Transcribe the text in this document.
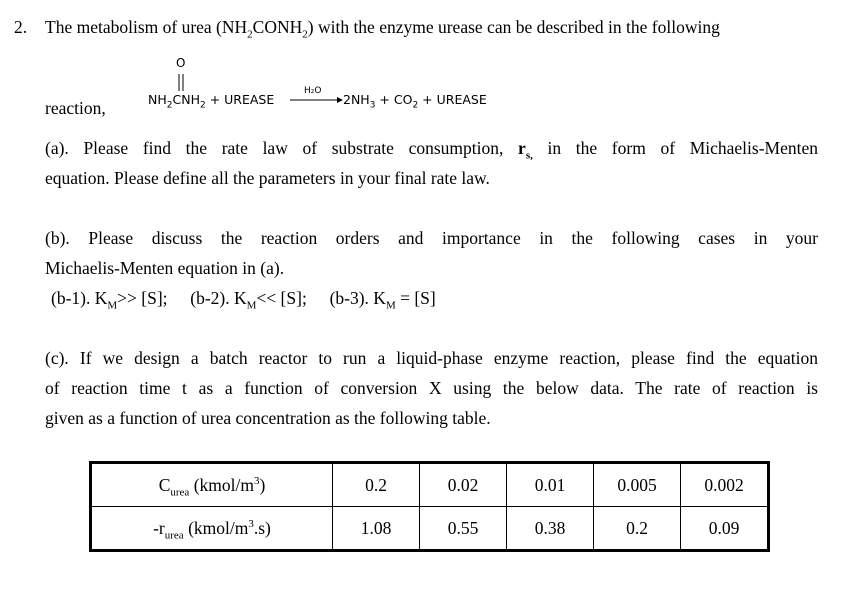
2. The metabolism of urea $(NH_2CONH_2)$ with the enzyme urease can be described in the following
reaction,
O
$NH_2CNH_2$ + UREASE
H₂O
→ $2NH_3 + CO_2$ + UREASE
(a). Please find the rate law of substrate consumption, $r_{s,}$ in the form of Michaelis-Menten
equation. Please define all the parameters in your final rate law.
(b). Please discuss the reaction orders and importance in the following cases in your
Michaelis-Menten equation in (a).
(b-1). $K_M>> [S]$; (b-2). $K_M<< [S]$; (b-3). $K_M = [S]$
(c). If we design a batch reactor to run a liquid-phase enzyme reaction, please find the equation
of reaction time t as a function of conversion X using the below data. The rate of reaction is
given as a function of urea concentration as the following table.
$C_{urea}$ $(kmol/m^3)$	0.2	0.02	0.01	0.005	0.002
$-r_{urea}$ $(kmol/m^3.s)$	1.08	0.55	0.38	0.2	0.09
